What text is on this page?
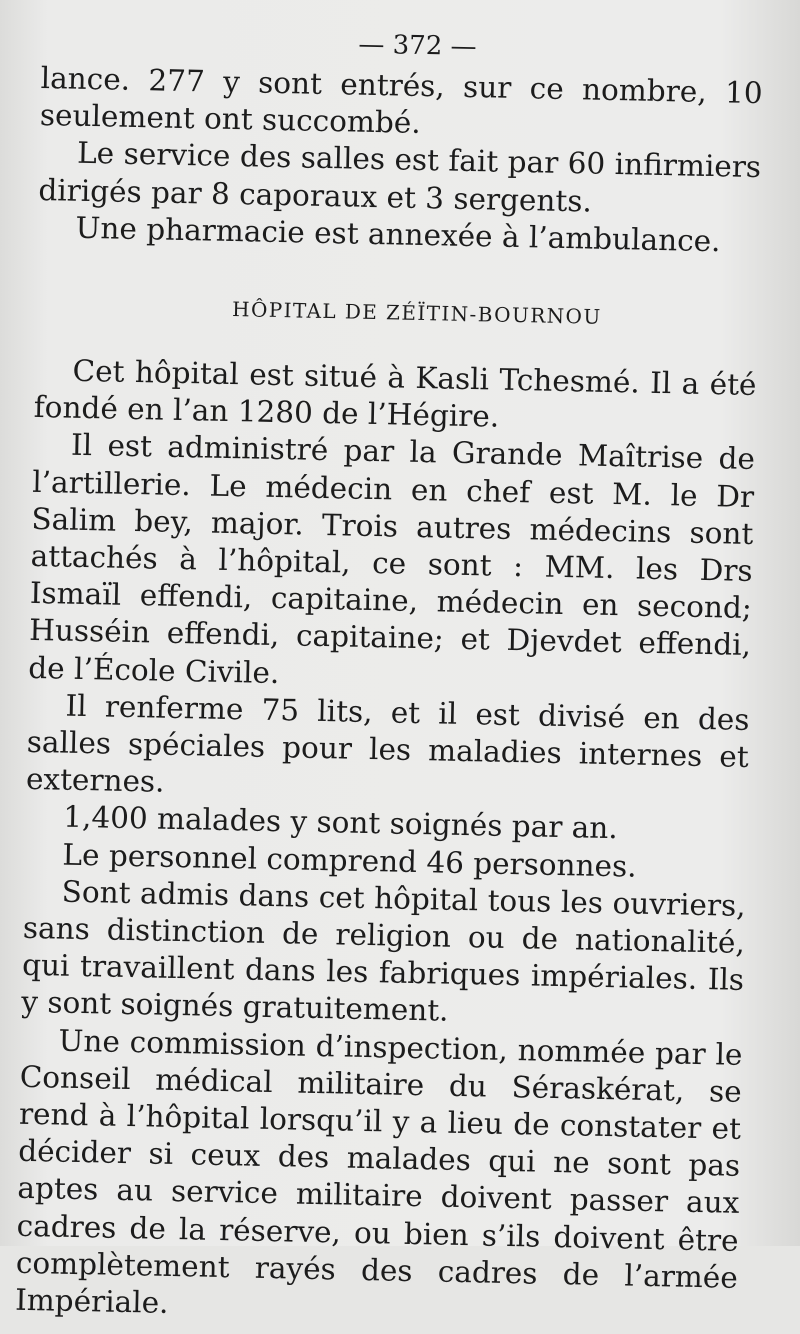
— 372 —

lance. 277 y sont entrés, sur ce nombre, 10 seulement ont succombé.

Le service des salles est fait par 60 infirmiers dirigés par 8 caporaux et 3 sergents.

Une pharmacie est annexée à l’ambulance.

HÔPITAL DE ZÉÏTIN-BOURNOU

Cet hôpital est situé à Kasli Tchesmé. Il a été fondé en l’an 1280 de l’Hégire.

Il est administré par la Grande Maîtrise de l’artillerie. Le médecin en chef est M. le Dr Salim bey, major. Trois autres médecins sont attachés à l’hôpital, ce sont : MM. les Drs Ismaïl effendi, capitaine, médecin en second; Husséin effendi, capitaine; et Djevdet effendi, de l’École Civile.

Il renferme 75 lits, et il est divisé en des salles spéciales pour les maladies internes et externes.

1,400 malades y sont soignés par an.

Le personnel comprend 46 personnes.

Sont admis dans cet hôpital tous les ouvriers, sans distinction de religion ou de nationalité, qui travaillent dans les fabriques impériales. Ils y sont soignés gratuitement.

Une commission d’inspection, nommée par le Conseil médical militaire du Séraskérat, se rend à l’hôpital lorsqu’il y a lieu de constater et décider si ceux des malades qui ne sont pas aptes au service militaire doivent passer aux cadres de la réserve, ou bien s’ils doivent être complètement rayés des cadres de l’armée Impériale.
